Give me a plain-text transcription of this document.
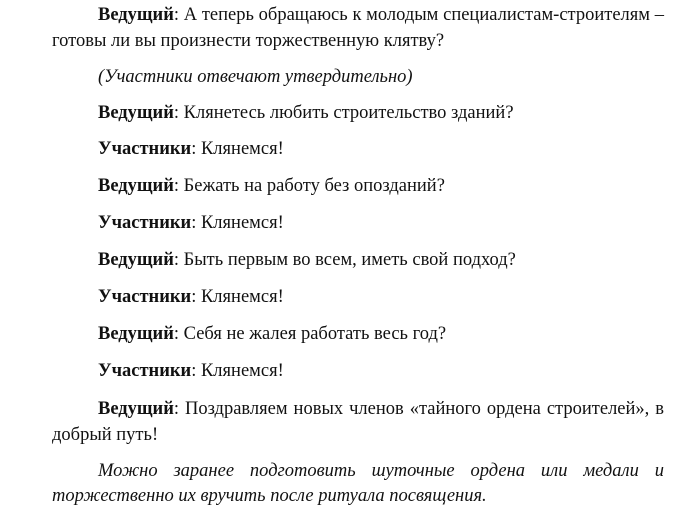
Ведущий: А теперь обращаюсь к молодым специалистам-строителям –
готовы ли вы произнести торжественную клятву?
(Участники отвечают утвердительно)
Ведущий: Клянетесь любить строительство зданий?
Участники: Клянемся!
Ведущий: Бежать на работу без опозданий?
Участники: Клянемся!
Ведущий: Быть первым во всем, иметь свой подход?
Участники: Клянемся!
Ведущий: Себя не жалея работать весь год?
Участники: Клянемся!
Ведущий: Поздравляем новых членов «тайного ордена строителей», в
добрый путь!
Можно заранее подготовить шуточные ордена или медали и
торжественно их вручить после ритуала посвящения.
